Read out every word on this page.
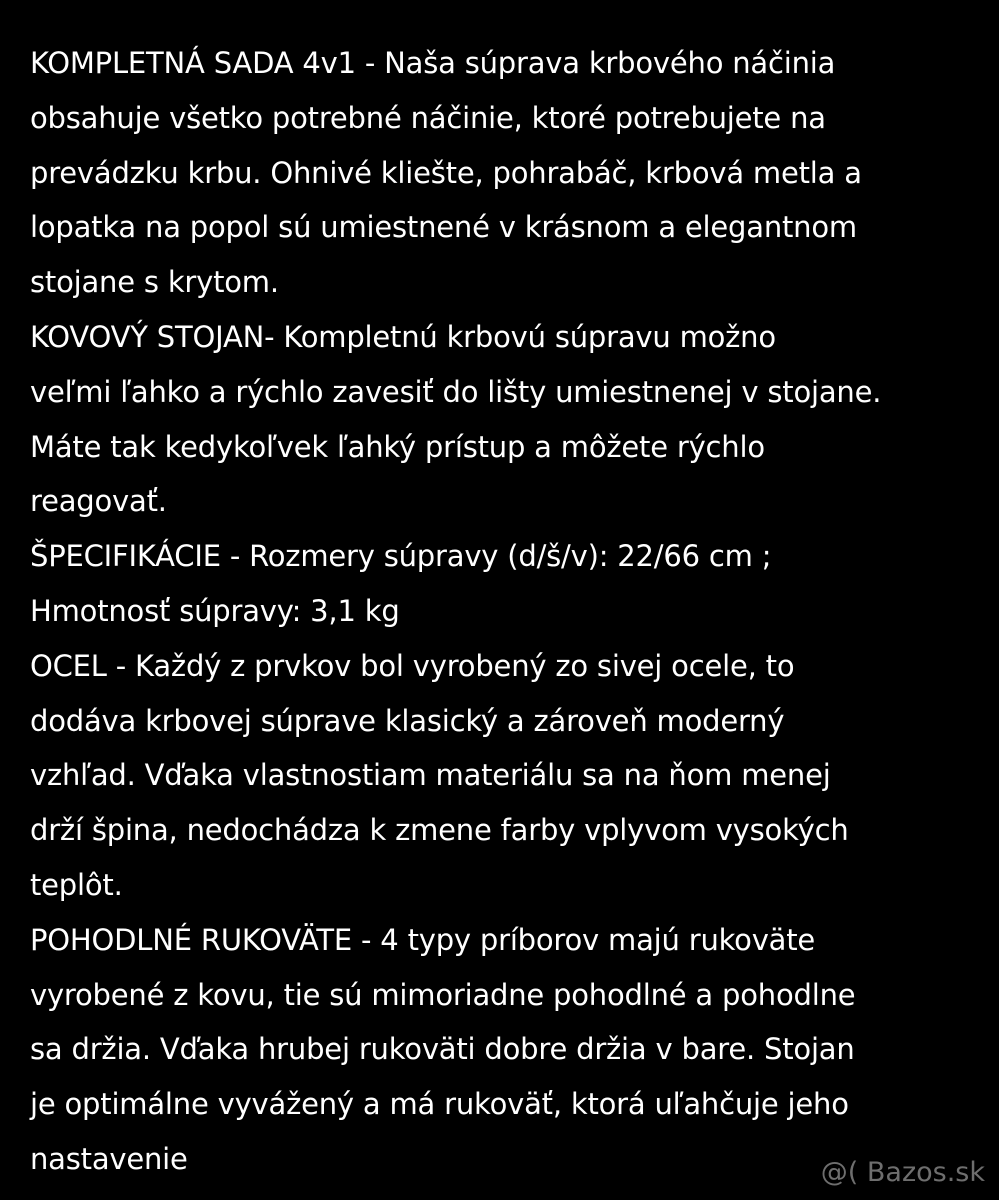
KOMPLETNÁ SADA 4v1 - Naša súprava krbového náčinia
obsahuje všetko potrebné náčinie, ktoré potrebujete na
prevádzku krbu. Ohnivé kliešte, pohrabáč, krbová metla a
lopatka na popol sú umiestnené v krásnom a elegantnom
stojane s krytom.
KOVOVÝ STOJAN- Kompletnú krbovú súpravu možno
veľmi ľahko a rýchlo zavesiť do lišty umiestnenej v stojane.
Máte tak kedykoľvek ľahký prístup a môžete rýchlo
reagovať.
ŠPECIFIKÁCIE - Rozmery súpravy (d/š/v): 22/66 cm ;
Hmotnosť súpravy: 3,1 kg
OCEL - Každý z prvkov bol vyrobený zo sivej ocele, to
dodáva krbovej súprave klasický a zároveň moderný
vzhľad. Vďaka vlastnostiam materiálu sa na ňom menej
drží špina, nedochádza k zmene farby vplyvom vysokých
teplôt.
POHODLNÉ RUKOVÄTE - 4 typy príborov majú rukoväte
vyrobené z kovu, tie sú mimoriadne pohodlné a pohodlne
sa držia. Vďaka hrubej rukoväti dobre držia v bare. Stojan
je optimálne vyvážený a má rukoväť, ktorá uľahčuje jeho
nastavenie	@( Bazos.sk
